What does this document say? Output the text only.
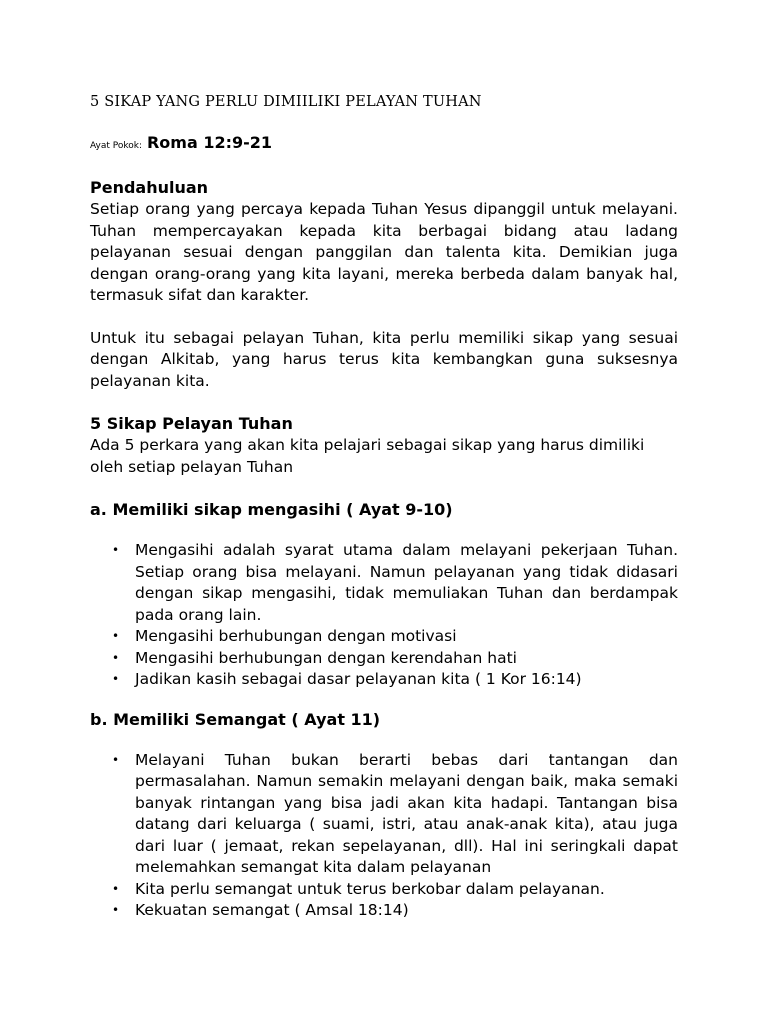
5 SIKAP YANG PERLU DIMIILIKI PELAYAN TUHAN
Ayat Pokok: Roma 12:9-21
Pendahuluan

Setiap orang yang percaya kepada Tuhan Yesus dipanggil untuk melayani. Tuhan mempercayakan kepada kita berbagai bidang atau ladang pelayanan sesuai dengan panggilan dan talenta kita. Demikian juga dengan orang-orang yang kita layani, mereka berbeda dalam banyak hal, termasuk sifat dan karakter.

Untuk itu sebagai pelayan Tuhan, kita perlu memiliki sikap yang sesuai dengan Alkitab, yang harus terus kita kembangkan guna suksesnya pelayanan kita.

5 Sikap Pelayan Tuhan

Ada 5 perkara yang akan kita pelajari sebagai sikap yang harus dimiliki oleh setiap pelayan Tuhan

a. Memiliki sikap mengasihi ( Ayat 9-10)
• Mengasihi adalah syarat utama dalam melayani pekerjaan Tuhan. Setiap orang bisa melayani. Namun pelayanan yang tidak didasari dengan sikap mengasihi, tidak memuliakan Tuhan dan berdampak pada orang lain.
• Mengasihi berhubungan dengan motivasi
• Mengasihi berhubungan dengan kerendahan hati
• Jadikan kasih sebagai dasar pelayanan kita ( 1 Kor 16:14)
b. Memiliki Semangat ( Ayat 11)
• Melayani Tuhan bukan berarti bebas dari tantangan dan permasalahan. Namun semakin melayani dengan baik, maka semaki banyak rintangan yang bisa jadi akan kita hadapi. Tantangan bisa datang dari keluarga ( suami, istri, atau anak-anak kita), atau juga dari luar ( jemaat, rekan sepelayanan, dll). Hal ini seringkali dapat melemahkan semangat kita dalam pelayanan
• Kita perlu semangat untuk terus berkobar dalam pelayanan.
• Kekuatan semangat ( Amsal 18:14)
